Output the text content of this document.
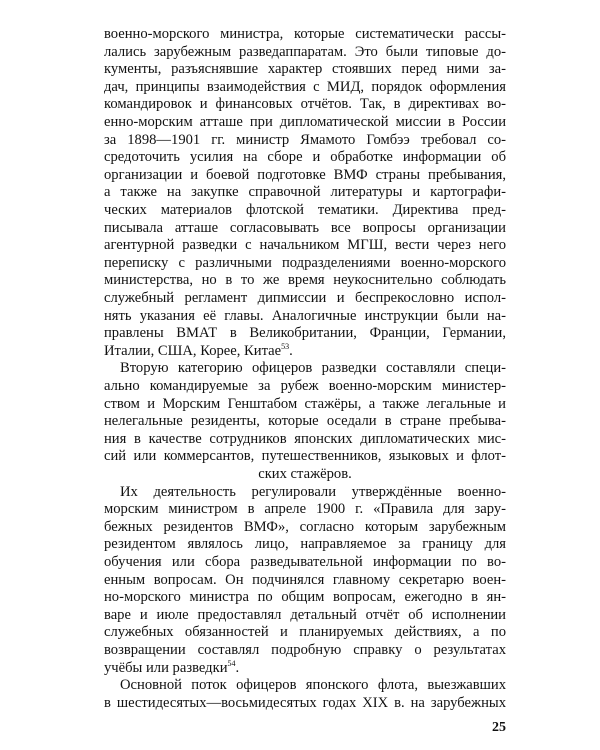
25
военно-морского министра, которые систематически рассы-
лались зарубежным разведаппаратам. Это были типовые до-
кументы, разъяснявшие характер стоявших перед ними за-
дач, принципы взаимодействия с МИД, порядок оформления
командировок и финансовых отчётов. Так, в директивах во-
енно-морским атташе при дипломатической миссии в России
за 1898—1901 гг. министр Ямамото Гомбээ требовал со-
средоточить усилия на сборе и обработке информации об
организации и боевой подготовке ВМФ страны пребывания,
а также на закупке справочной литературы и картографи-
ческих материалов флотской тематики. Директива пред-
писывала атташе согласовывать все вопросы организации
агентурной разведки с начальником МГШ, вести через него
переписку с различными подразделениями военно-морского
министерства, но в то же время неукоснительно соблюдать
служебный регламент дипмиссии и беспрекословно испол-
нять указания её главы. Аналогичные инструкции были на-
правлены ВМАТ в Великобритании, Франции, Германии,
Италии, США, Корее, Китае$^{53}$.
Вторую категорию офицеров разведки составляли специ-
ально командируемые за рубеж военно-морским министер-
ством и Морским Генштабом стажёры, а также легальные и
нелегальные резиденты, которые оседали в стране пребыва-
ния в качестве сотрудников японских дипломатических мис-
сий или коммерсантов, путешественников, языковых и флот-
ских стажёров.
Их деятельность регулировали утверждённые военно-
морским министром в апреле 1900 г. «Правила для зару-
бежных резидентов ВМФ», согласно которым зарубежным
резидентом являлось лицо, направляемое за границу для
обучения или сбора разведывательной информации по во-
енным вопросам. Он подчинялся главному секретарю воен-
но-морского министра по общим вопросам, ежегодно в ян-
варе и июле предоставлял детальный отчёт об исполнении
служебных обязанностей и планируемых действиях, а по
возвращении составлял подробную справку о результатах
учёбы или разведки$^{54}$.
Основной поток офицеров японского флота, выезжавших
в шестидесятых—восьмидесятых годах XIX в. на зарубежных
